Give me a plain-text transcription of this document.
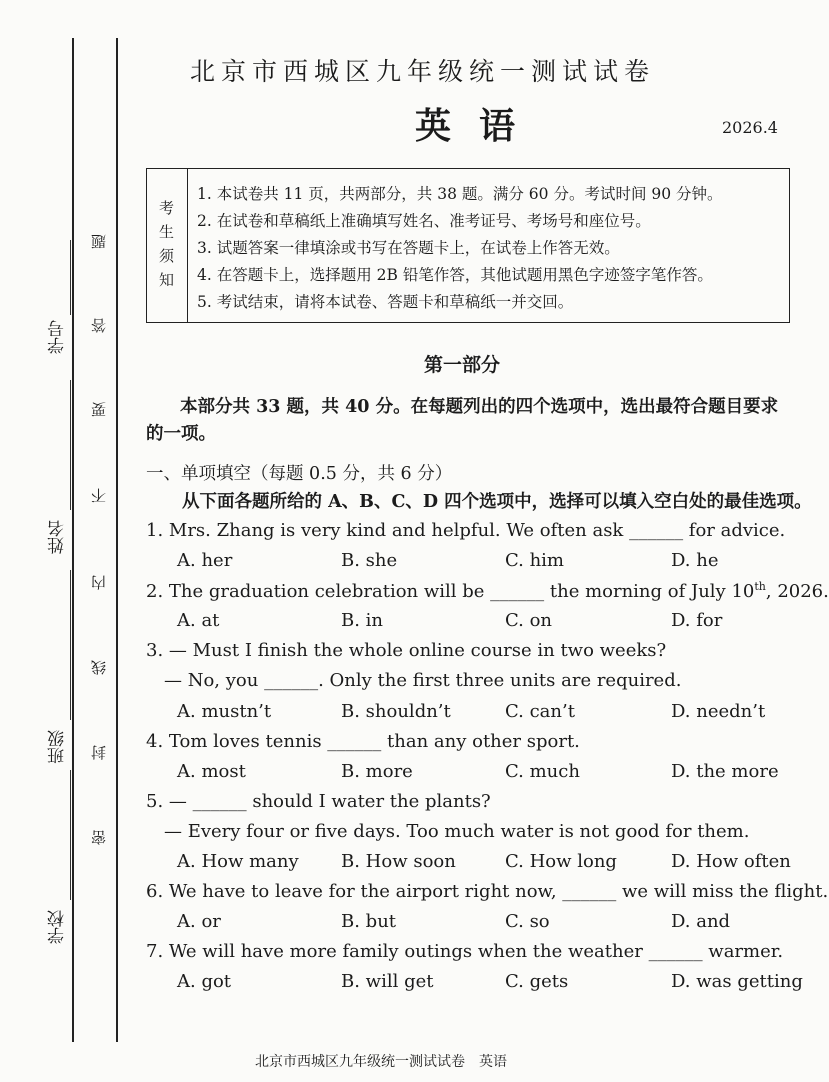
学号
姓名
班级
学校
题
答
要
不
内
线
封
密
北京市西城区九年级统一测试试卷
英语	2026.4
考
生
须
知
1. 本试卷共 11 页，共两部分，共 38 题。满分 60 分。考试时间 90 分钟。
2. 在试卷和草稿纸上准确填写姓名、准考证号、考场号和座位号。
3. 试题答案一律填涂或书写在答题卡上，在试卷上作答无效。
4. 在答题卡上，选择题用 2B 铅笔作答，其他试题用黑色字迹签字笔作答。
5. 考试结束，请将本试卷、答题卡和草稿纸一并交回。
第一部分
本部分共 33 题，共 40 分。在每题列出的四个选项中，选出最符合题目要求的一项。
一、单项填空（每题 0.5 分，共 6 分）
从下面各题所给的 A、B、C、D 四个选项中，选择可以填入空白处的最佳选项。
1. Mrs. Zhang is very kind and helpful. We often ask ______ for advice.
A. her	B. she	C. him	D. he
2. The graduation celebration will be ______ the morning of July 10th, 2026.
A. at	B. in	C. on	D. for
3. — Must I finish the whole online course in two weeks?
— No, you ______. Only the first three units are required.
A. mustn’t	B. shouldn’t	C. can’t	D. needn’t
4. Tom loves tennis ______ than any other sport.
A. most	B. more	C. much	D. the more
5. — ______ should I water the plants?
— Every four or five days. Too much water is not good for them.
A. How many B. How soon	C. How long	D. How often
6. We have to leave for the airport right now, ______ we will miss the flight.
A. or	B. but	C. so	D. and
7. We will have more family outings when the weather ______ warmer.
A. got	B. will get	C. gets	D. was getting
北京市西城区九年级统一测试试卷　英语
